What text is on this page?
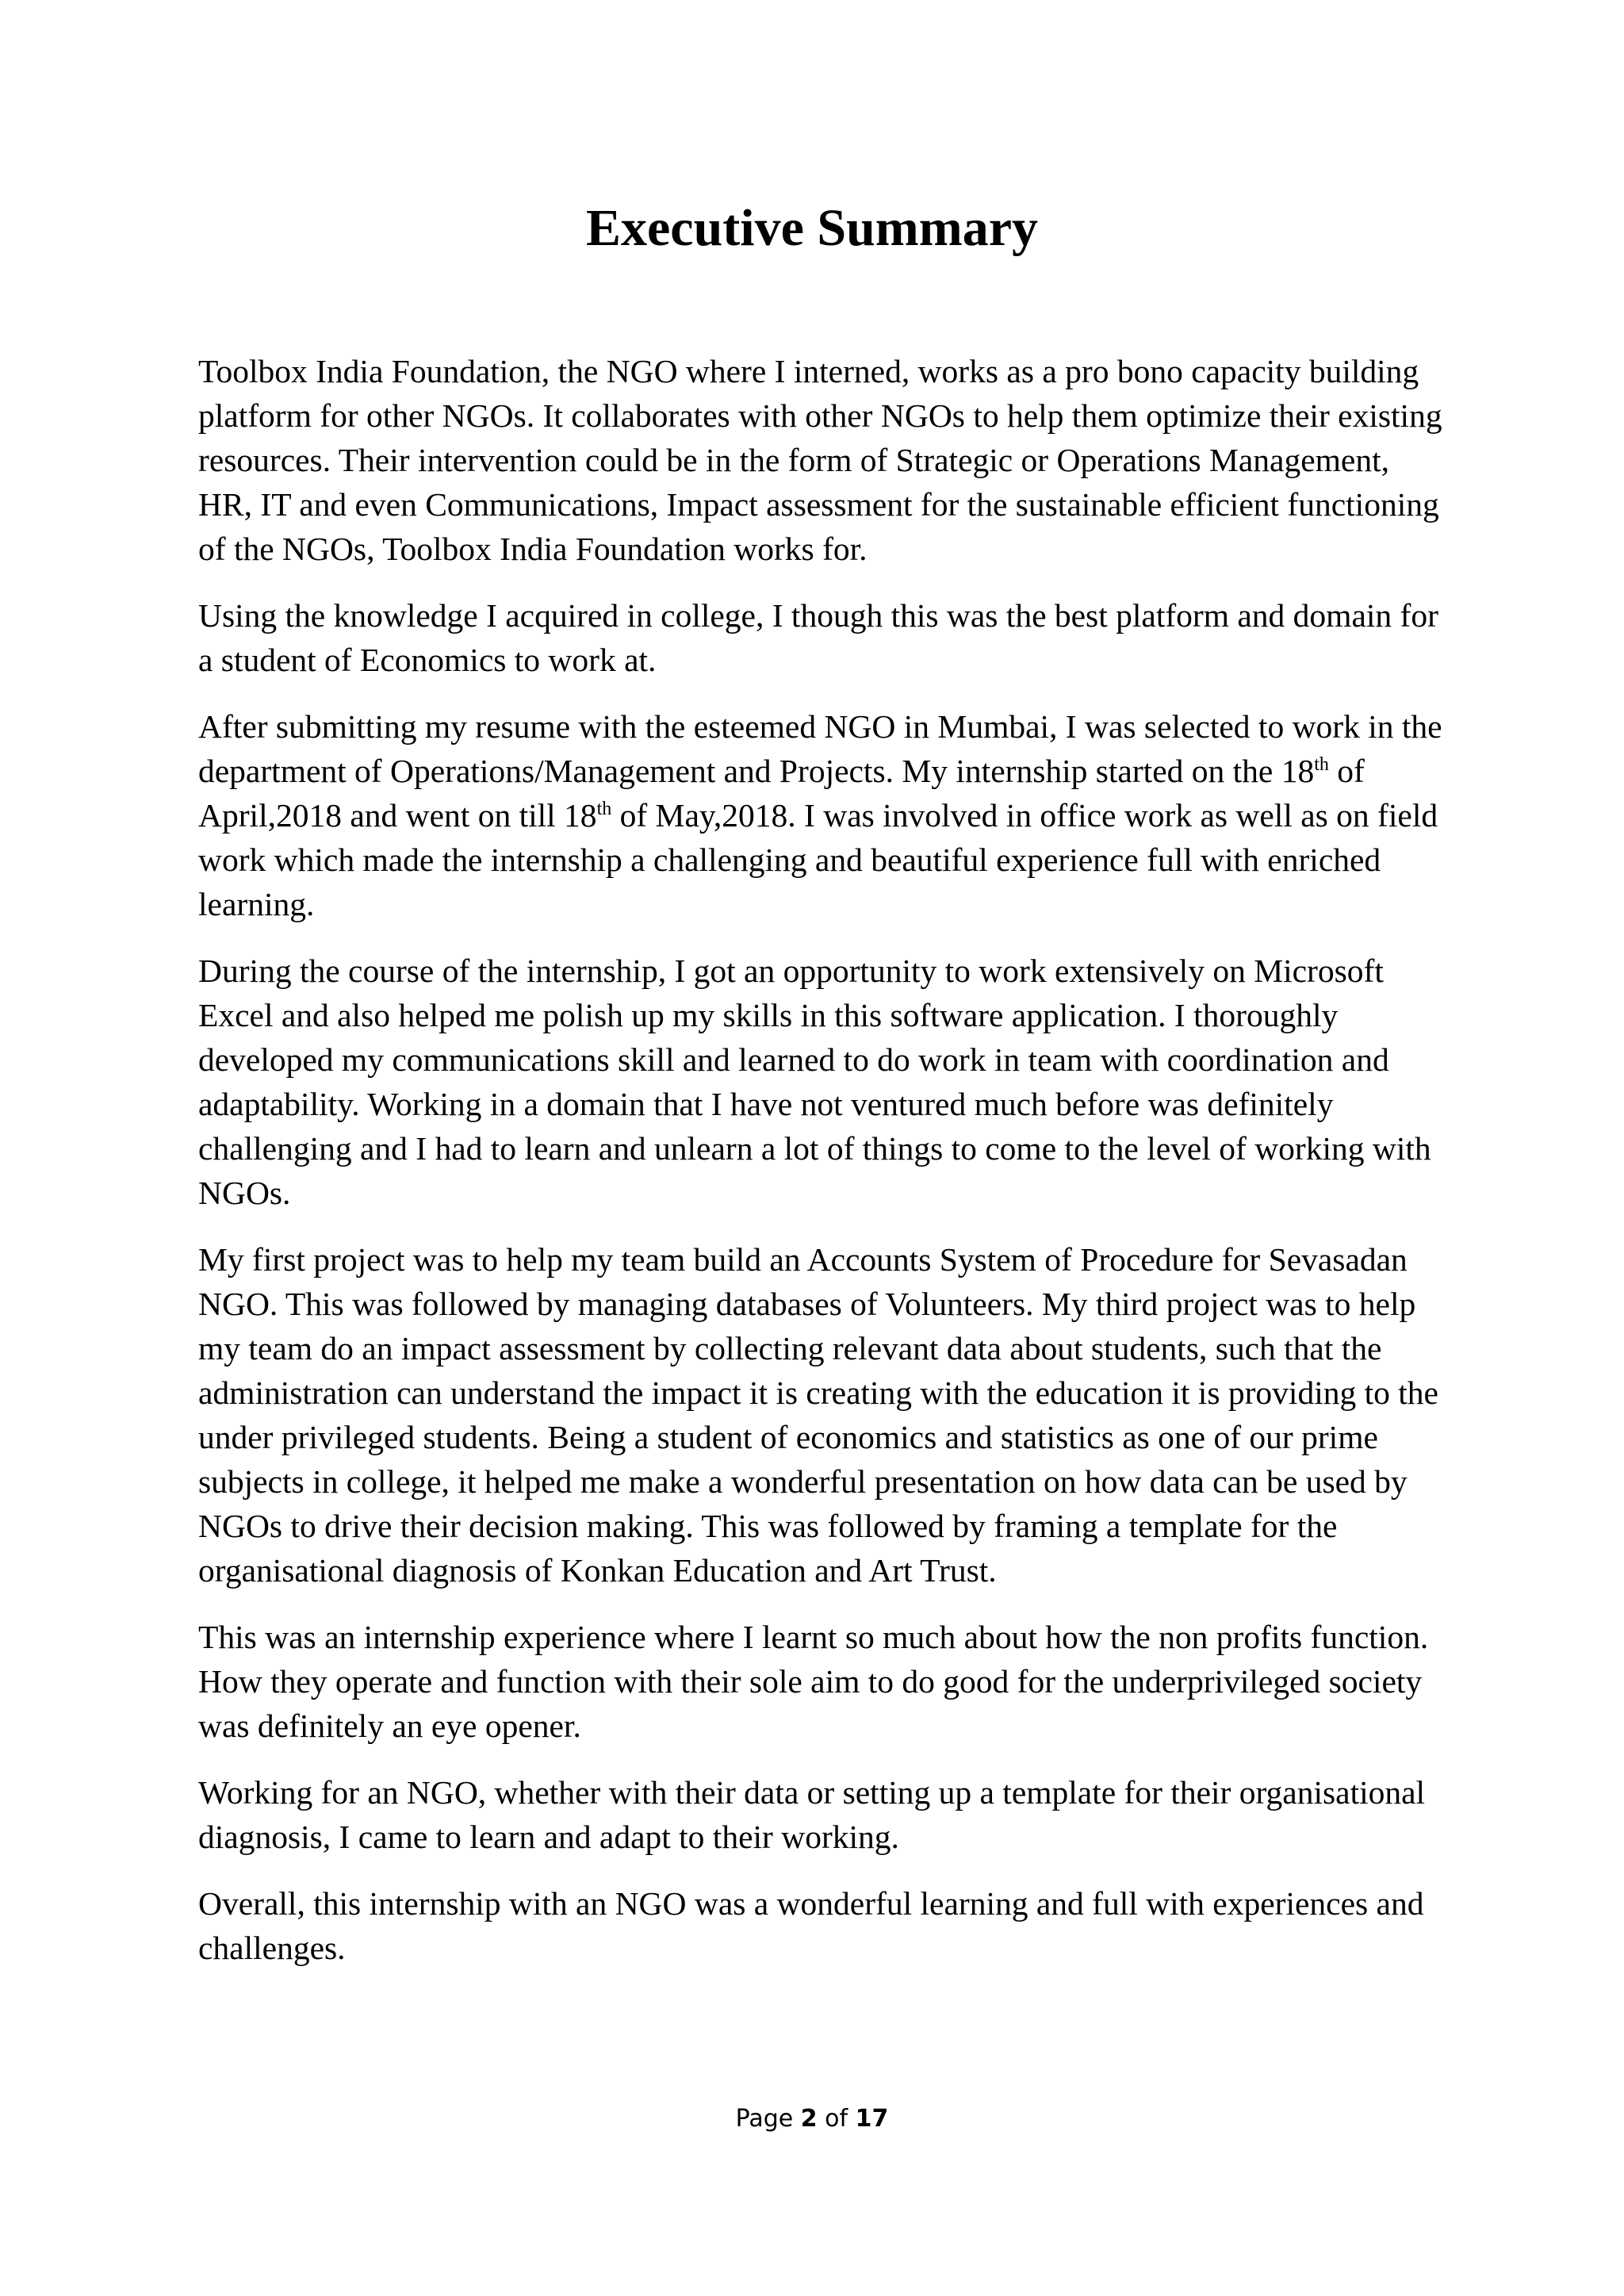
Executive Summary

Toolbox India Foundation, the NGO where I interned, works as a pro bono capacity building platform for other NGOs. It collaborates with other NGOs to help them optimize their existing resources. Their intervention could be in the form of Strategic or Operations Management, HR, IT and even Communications, Impact assessment for the sustainable efficient functioning of the NGOs, Toolbox India Foundation works for.

Using the knowledge I acquired in college, I though this was the best platform and domain for a student of Economics to work at.

After submitting my resume with the esteemed NGO in Mumbai, I was selected to work in the department of Operations/Management and Projects. My internship started on the 18th of April,2018 and went on till 18th of May,2018. I was involved in office work as well as on field work which made the internship a challenging and beautiful experience full with enriched learning.

During the course of the internship, I got an opportunity to work extensively on Microsoft Excel and also helped me polish up my skills in this software application. I thoroughly developed my communications skill and learned to do work in team with coordination and adaptability. Working in a domain that I have not ventured much before was definitely challenging and I had to learn and unlearn a lot of things to come to the level of working with NGOs.

My first project was to help my team build an Accounts System of Procedure for Sevasadan NGO. This was followed by managing databases of Volunteers. My third project was to help my team do an impact assessment by collecting relevant data about students, such that the administration can understand the impact it is creating with the education it is providing to the under privileged students. Being a student of economics and statistics as one of our prime subjects in college, it helped me make a wonderful presentation on how data can be used by NGOs to drive their decision making. This was followed by framing a template for the organisational diagnosis of Konkan Education and Art Trust.

This was an internship experience where I learnt so much about how the non profits function. How they operate and function with their sole aim to do good for the underprivileged society was definitely an eye opener.

Working for an NGO, whether with their data or setting up a template for their organisational diagnosis, I came to learn and adapt to their working.

Overall, this internship with an NGO was a wonderful learning and full with experiences and challenges.

Page 2 of 17
